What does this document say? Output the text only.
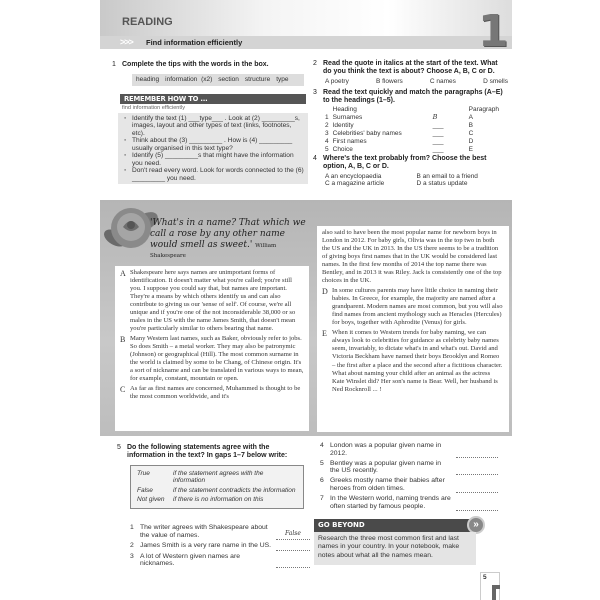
READING
>>> Find information efficiently	1
1 Complete the tips with the words in the box.
heading information (x2) section structure type
REMEMBER HOW TO ...
find information efficiently
▪ Identify the text (1) ___type___ . Look at (2) _________s, images, layout and other types of text (links, footnotes, etc).
▪ Think about the (3) _________ . How is (4) _________ usually organised in this text type?
▪ Identify (5) _________s that might have the information you need.
▪ Don't read every word. Look for words connected to the (6) _________ you need.
2 Read the quote in italics at the start of the text. What do you think the text is about? Choose A, B, C or D.
A poetry	B flowers	C names	D smells
3 Read the text quickly and match the paragraphs (A–E) to the headings (1–5).
	Heading		Paragraph
1	Surnames	B	A
2	Identity	___	B
3	Celebrities' baby names	___	C
4	First names	___	D
5	Choice	___	E
4 Where's the text probably from? Choose the best option, A, B, C or D.
A an encyclopaedia	B an email to a friend
C a magazine article	D a status update
'What's in a name? That which we call a rose by any other name would smell as sweet.' William Shakespeare
A Shakespeare here says names are unimportant forms of identification. It doesn't matter what you're called; you're still you. I suppose you could say that, but names are important. They're a means by which others identify us and can also contribute to giving us our 'sense of self'. Of course, we're all unique and if you're one of the not inconsiderable 38,000 or so males in the US with the name James Smith, that doesn't mean you're particularly similar to others bearing that name.
B Many Western last names, such as Baker, obviously refer to jobs. So does Smith – a metal worker. They may also be patronymic (Johnson) or geographical (Hill). The most common surname in the world is claimed by some to be Chang, of Chinese origin. It's a sort of nickname and can be translated in various ways to mean, for example, constant, mountain or open.
C As far as first names are concerned, Muhammed is thought to be the most common worldwide, and it's
also said to have been the most popular name for newborn boys in London in 2012. For baby girls, Olivia was in the top two in both the US and the UK in 2013. In the US there seems to be a tradition of giving boys first names that in the UK would be considered last names. In the first few months of 2014 the top name there was Bentley, and in 2013 it was Riley. Jack is consistently one of the top choices in the UK.
D In some cultures parents may have little choice in naming their babies. In Greece, for example, the majority are named after a grandparent. Modern names are most common, but you will also find names from ancient mythology such as Heracles (Hercules) for boys, together with Aphrodite (Venus) for girls.
E When it comes to Western trends for baby naming, we can always look to celebrities for guidance as celebrity baby names seem, invariably, to dictate what's in and what's out. David and Victoria Beckham have named their boys Brooklyn and Romeo – the first after a place and the second after a fictitious character. What about naming your child after an animal as the actress Kate Winslet did? Her son's name is Bear. Well, her husband is Ned Rocknroll ... !
5 Do the following statements agree with the information in the text? In gaps 1–7 below write:
True	if the statement agrees with the information
False	if the statement contradicts the information
Not given	if there is no information on this
1 The writer agrees with Shakespeare about the value of names.	False
2 James Smith is a very rare name in the US.
3 A lot of Western given names are nicknames.
4 London was a popular given name in 2012.
5 Bentley was a popular given name in the US recently.
6 Greeks mostly name their babies after heroes from olden times.
7 In the Western world, naming trends are often started by famous people.
GO BEYOND	»
Research the three most common first and last names in your country. In your notebook, make notes about what all the names mean.
5
